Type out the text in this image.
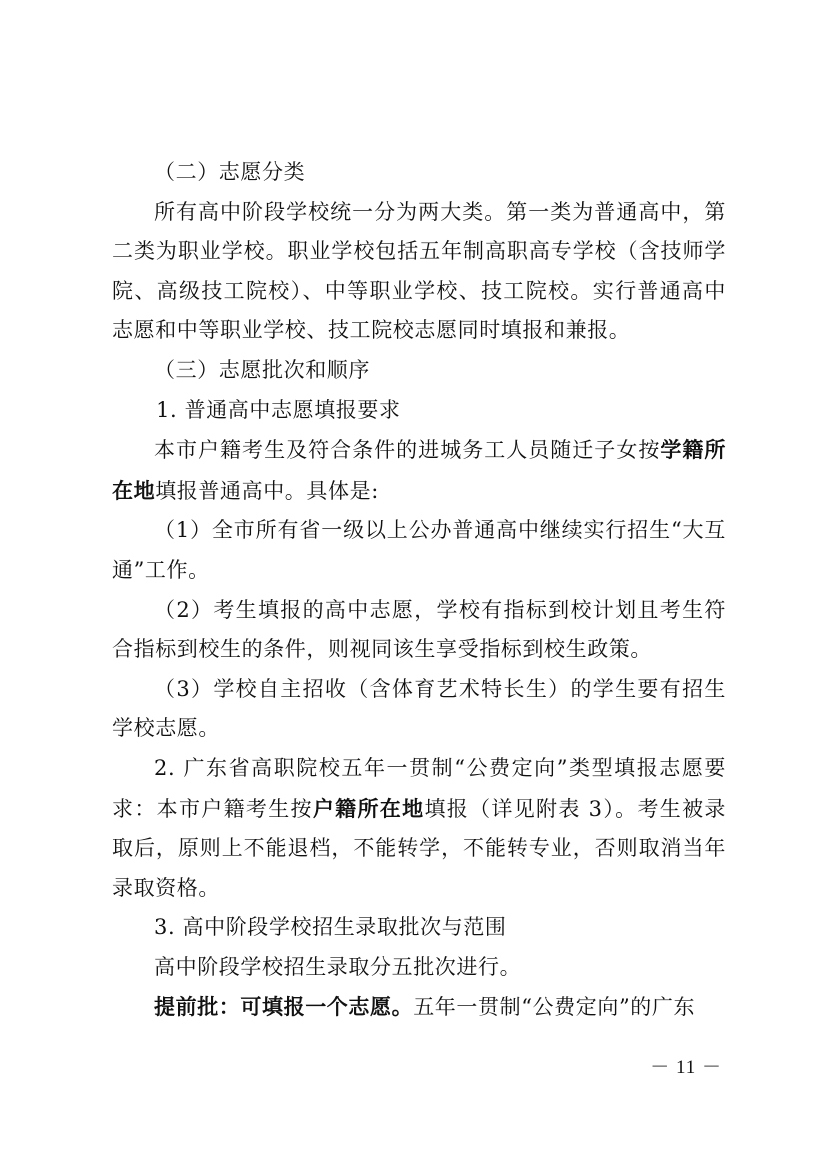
（二）志愿分类

所有高中阶段学校统一分为两大类。第一类为普通高中，第二类为职业学校。职业学校包括五年制高职高专学校（含技师学院、高级技工院校）、中等职业学校、技工院校。实行普通高中志愿和中等职业学校、技工院校志愿同时填报和兼报。

（三）志愿批次和顺序

1. 普通高中志愿填报要求

本市户籍考生及符合条件的进城务工人员随迁子女按学籍所在地填报普通高中。具体是:

（1）全市所有省一级以上公办普通高中继续实行招生“大互通”工作。

（2）考生填报的高中志愿，学校有指标到校计划且考生符合指标到校生的条件，则视同该生享受指标到校生政策。

（3）学校自主招收（含体育艺术特长生）的学生要有招生学校志愿。

2. 广东省高职院校五年一贯制“公费定向”类型填报志愿要求：本市户籍考生按户籍所在地填报（详见附表 3）。考生被录取后，原则上不能退档，不能转学，不能转专业，否则取消当年录取资格。

3. 高中阶段学校招生录取批次与范围

高中阶段学校招生录取分五批次进行。

提前批：可填报一个志愿。五年一贯制“公费定向”的广东

－ 11 －
